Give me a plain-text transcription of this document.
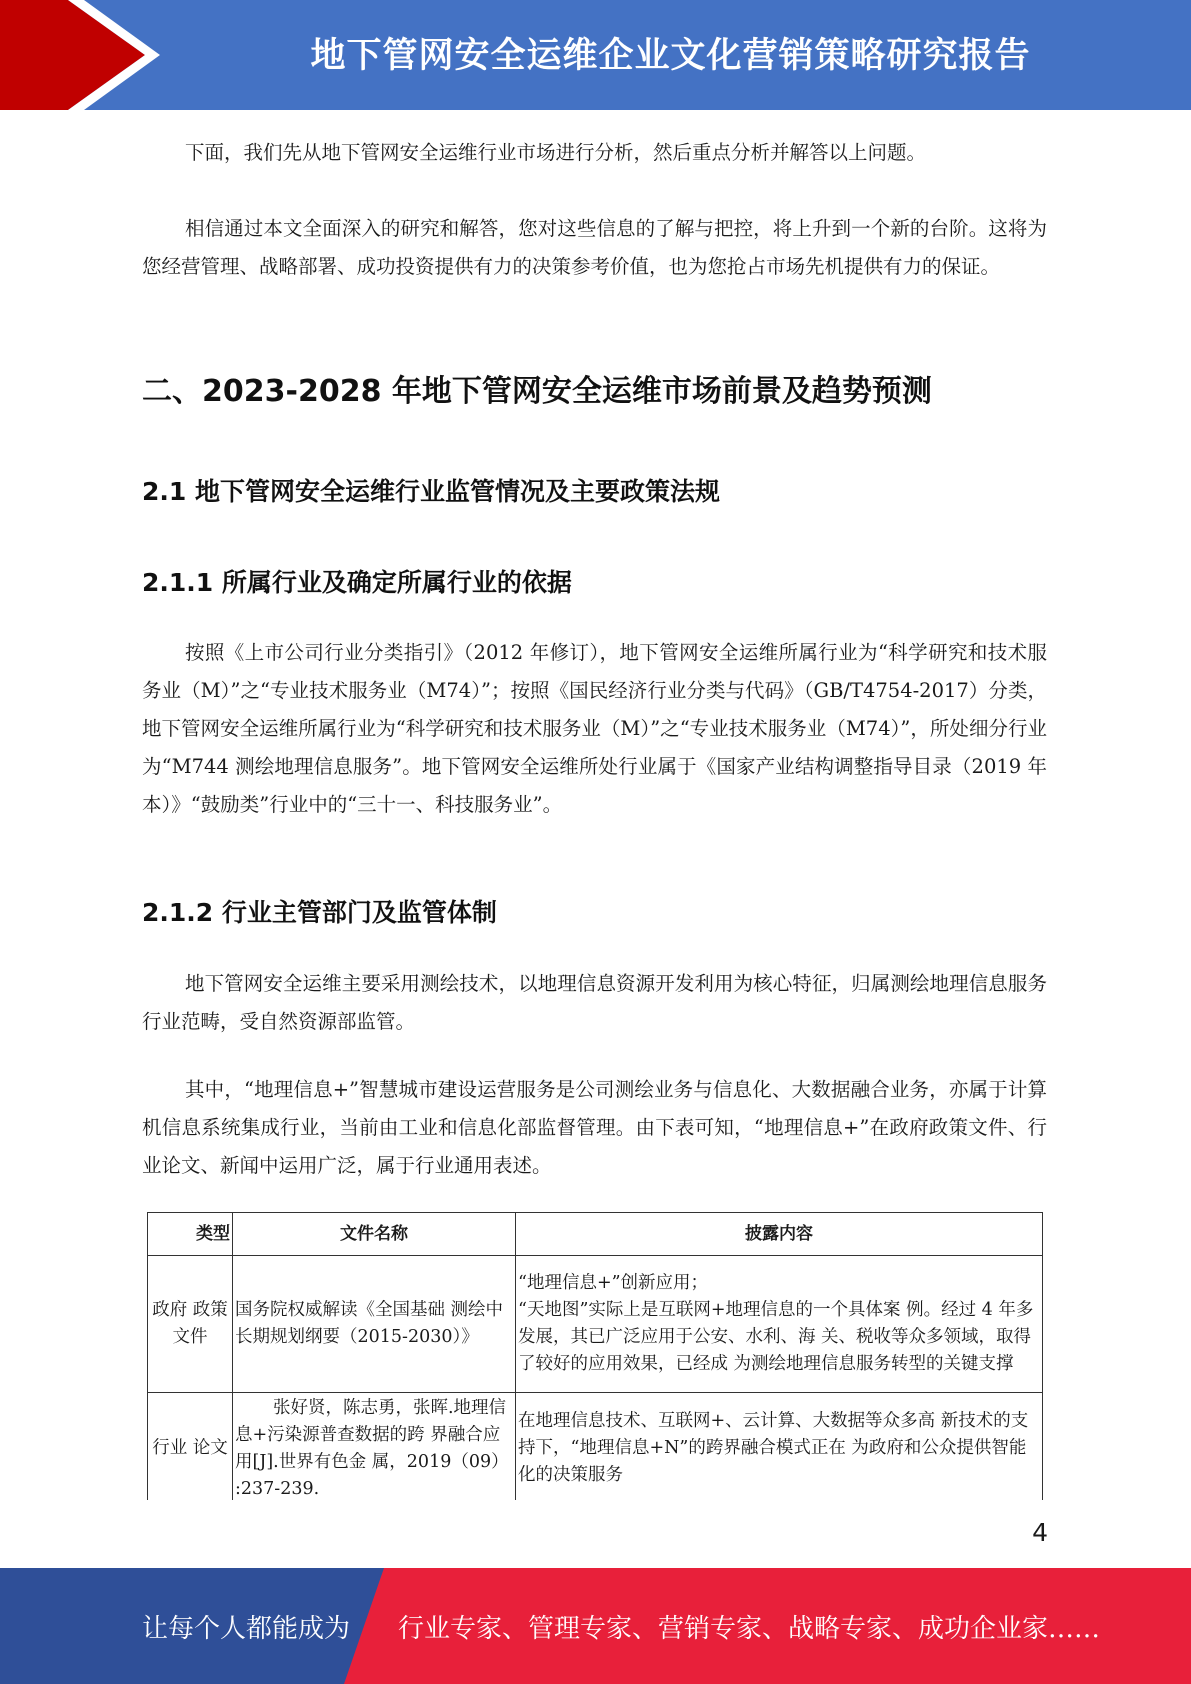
地下管网安全运维企业文化营销策略研究报告

下面，我们先从地下管网安全运维行业市场进行分析，然后重点分析并解答以上问题。

相信通过本文全面深入的研究和解答，您对这些信息的了解与把控，将上升到一个新的台阶。这将为您经营管理、战略部署、成功投资提供有力的决策参考价值，也为您抢占市场先机提供有力的保证。

二、2023-2028 年地下管网安全运维市场前景及趋势预测
2.1 地下管网安全运维行业监管情况及主要政策法规
2.1.1 所属行业及确定所属行业的依据

按照《上市公司行业分类指引》（2012 年修订），地下管网安全运维所属行业为“科学研究和技术服务业（M）”之“专业技术服务业（M74）”；按照《国民经济行业分类与代码》（GB/T4754-2017）分类，地下管网安全运维所属行业为“科学研究和技术服务业（M）”之“专业技术服务业（M74）”，所处细分行业为“M744 测绘地理信息服务”。地下管网安全运维所处行业属于《国家产业结构调整指导目录（2019 年本）》“鼓励类”行业中的“三十一、科技服务业”。

2.1.2 行业主管部门及监管体制

地下管网安全运维主要采用测绘技术，以地理信息资源开发利用为核心特征，归属测绘地理信息服务行业范畴，受自然资源部监管。

其中，“地理信息+”智慧城市建设运营服务是公司测绘业务与信息化、大数据融合业务，亦属于计算机信息系统集成行业，当前由工业和信息化部监督管理。由下表可知，“地理信息+”在政府政策文件、行业论文、新闻中运用广泛，属于行业通用表述。

类型	文件名称	披露内容
政府 政策 文件	国务院权威解读《全国基础 测绘中长期规划纲要（2015-2030）》	“地理信息+”创新应用；
“天地图”实际上是互联网+地理信息的一个具体案 例。经过 4 年多发展，其已广泛应用于公安、水利、海 关、税收等众多领域，取得了较好的应用效果，已经成 为测绘地理信息服务转型的关键支撑

行业 论文	张好贤，陈志勇，张晖.地理信息+污染源普查数据的跨 界融合应用[J].世界有色金 属，2019（09） :237-239.	在地理信息技术、互联网+、云计算、大数据等众多高 新技术的支持下，“地理信息+N”的跨界融合模式正在 为政府和公众提供智能化的决策服务
4
让每个人都能成为 行业专家、管理专家、营销专家、战略专家、成功企业家……
